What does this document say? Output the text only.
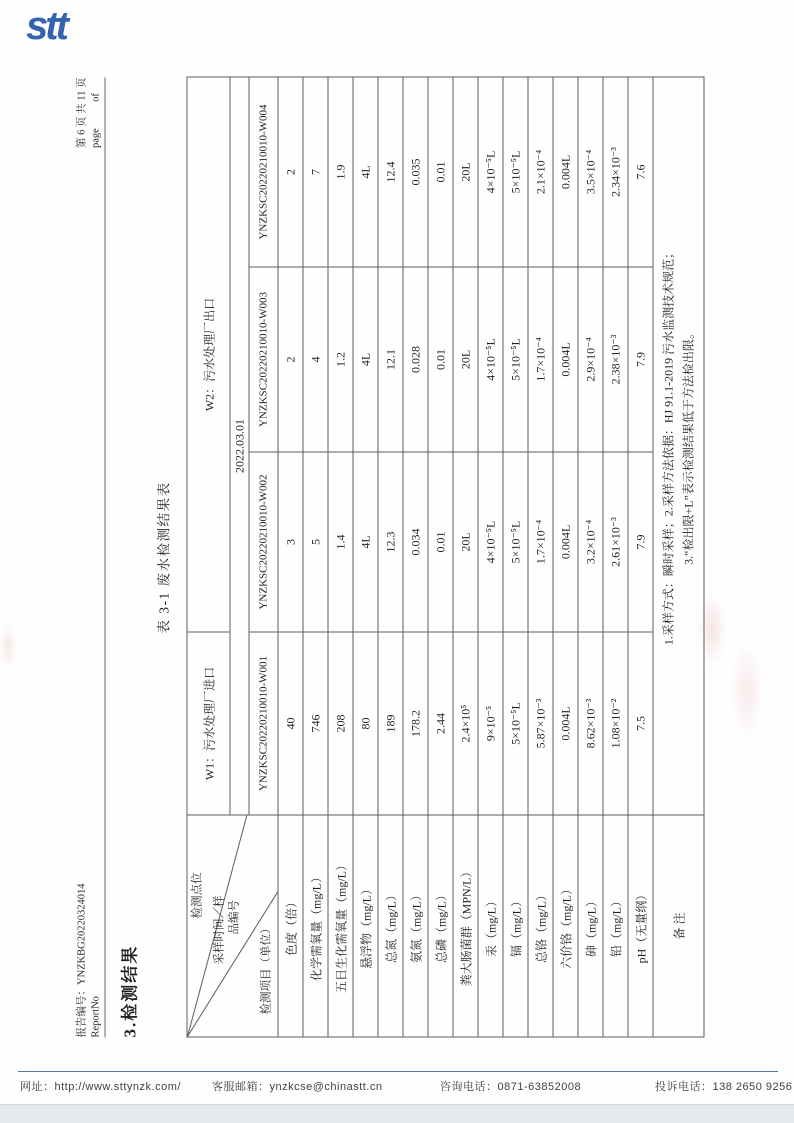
stt
报告编号：YNZKBG20220324014 ReportNo
第 6 页 共 11 页 page          of
3.检测结果
表 3-1 废水检测结果表
检测点位 采样时间／样 品编号
检测项目（单位）	W1：污水处理厂进口	W2：污水处理厂出口		
	2022.03.01			
	YNZKSC20220210010-W001	YNZKSC20220210010-W002	YNZKSC20220210010-W003	YNZKSC20220210010-W004
色度（倍）	40	3	2	2
化学需氧量（mg/L）	746	5	4	7
五日生化需氧量（mg/L）	208	1.4	1.2	1.9
悬浮物（mg/L）	80	4L	4L	4L
总氮（mg/L）	189	12.3	12.1	12.4
氨氮（mg/L）	178.2	0.034	0.028	0.035
总磷（mg/L）	2.44	0.01	0.01	0.01
粪大肠菌群（MPN/L）	2.4×10⁵	20L	20L	20L
汞（mg/L）	9×10⁻⁵	4×10⁻⁵L	4×10⁻⁵L	4×10⁻⁵L
镉（mg/L）	5×10⁻⁵L	5×10⁻⁵L	5×10⁻⁵L	5×10⁻⁵L
总铬（mg/L）	5.87×10⁻³	1.7×10⁻⁴	1.7×10⁻⁴	2.1×10⁻⁴
六价铬（mg/L）	0.004L	0.004L	0.004L	0.004L
砷（mg/L）	8.62×10⁻³	3.2×10⁻⁴	2.9×10⁻⁴	3.5×10⁻⁴
铅（mg/L）	1.08×10⁻²	2.61×10⁻³	2.38×10⁻³	2.34×10⁻³
pH（无量纲）	7.5	7.9	7.9	7.6
备 注	1.采样方式：瞬时采样；2.采样方法依据：HJ 91.1-2019 污水监测技术规范； 3.“检出限+L”表示检测结果低于方法检出限。			
网址：http://www.sttynzk.com/	客服邮箱：ynzkcse@chinastt.cn	咨询电话：0871-63852008	投诉电话：138 2650 9256
